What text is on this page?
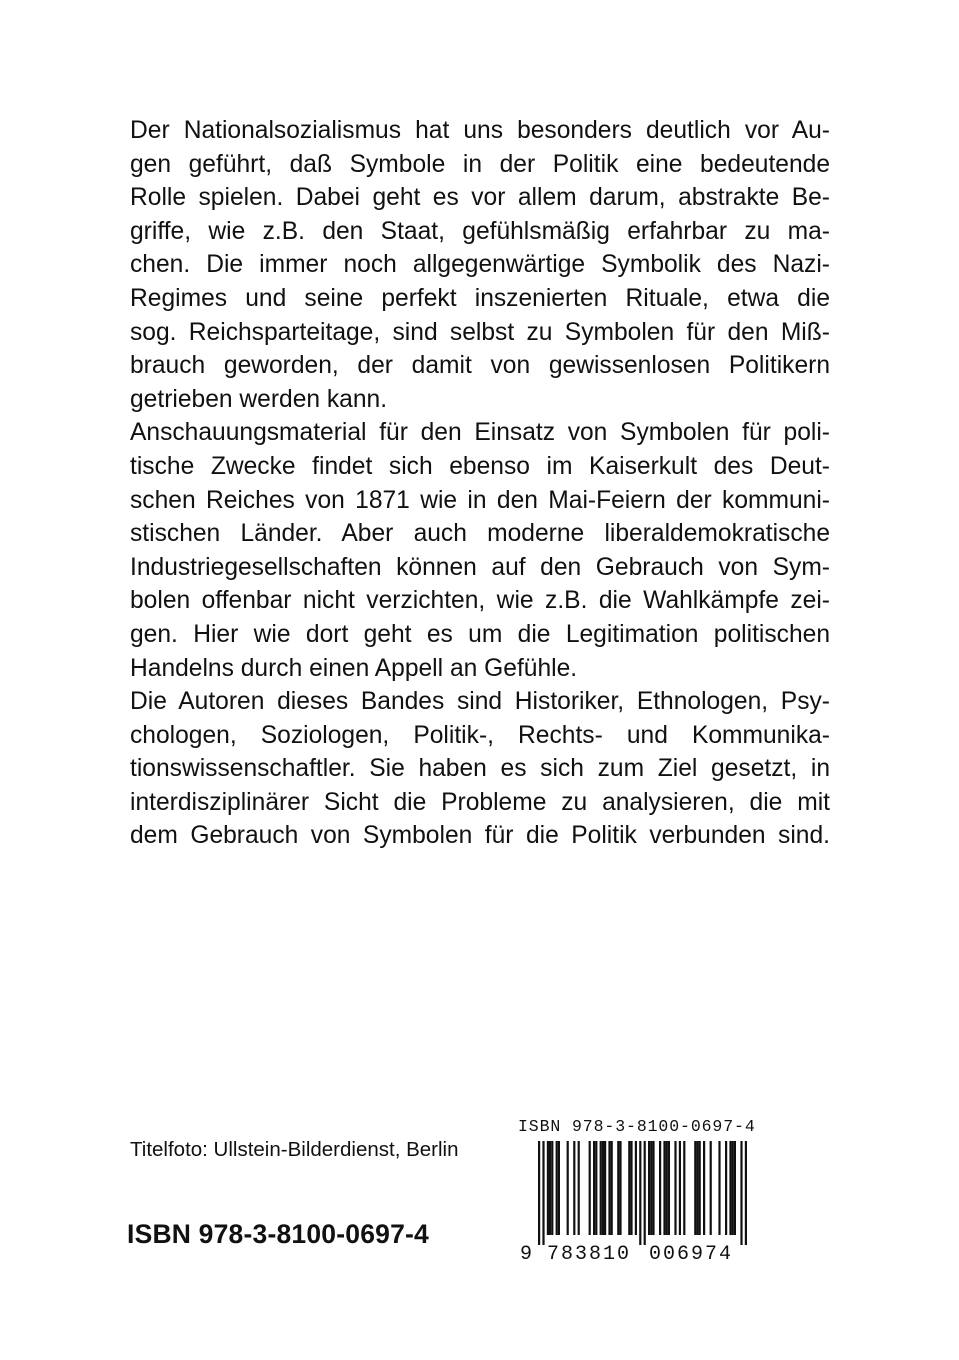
Der Nationalsozialismus hat uns besonders deutlich vor Au-
gen geführt, daß Symbole in der Politik eine bedeutende
Rolle spielen. Dabei geht es vor allem darum, abstrakte Be-
griffe, wie z.B. den Staat, gefühlsmäßig erfahrbar zu ma-
chen. Die immer noch allgegenwärtige Symbolik des Nazi-
Regimes und seine perfekt inszenierten Rituale, etwa die
sog. Reichsparteitage, sind selbst zu Symbolen für den Miß-
brauch geworden, der damit von gewissenlosen Politikern
getrieben werden kann.
Anschauungsmaterial für den Einsatz von Symbolen für poli-
tische Zwecke findet sich ebenso im Kaiserkult des Deut-
schen Reiches von 1871 wie in den Mai-Feiern der kommuni-
stischen Länder. Aber auch moderne liberaldemokratische
Industriegesellschaften können auf den Gebrauch von Sym-
bolen offenbar nicht verzichten, wie z.B. die Wahlkämpfe zei-
gen. Hier wie dort geht es um die Legitimation politischen
Handelns durch einen Appell an Gefühle.
Die Autoren dieses Bandes sind Historiker, Ethnologen, Psy-
chologen, Soziologen, Politik-, Rechts- und Kommunika-
tionswissenschaftler. Sie haben es sich zum Ziel gesetzt, in
interdisziplinärer Sicht die Probleme zu analysieren, die mit
dem Gebrauch von Symbolen für die Politik verbunden sind.
Titelfoto: Ullstein-Bilderdienst, Berlin
ISBN 978-3-8100-0697-4
ISBN 978-3-8100-0697-4
9 783810 006974
